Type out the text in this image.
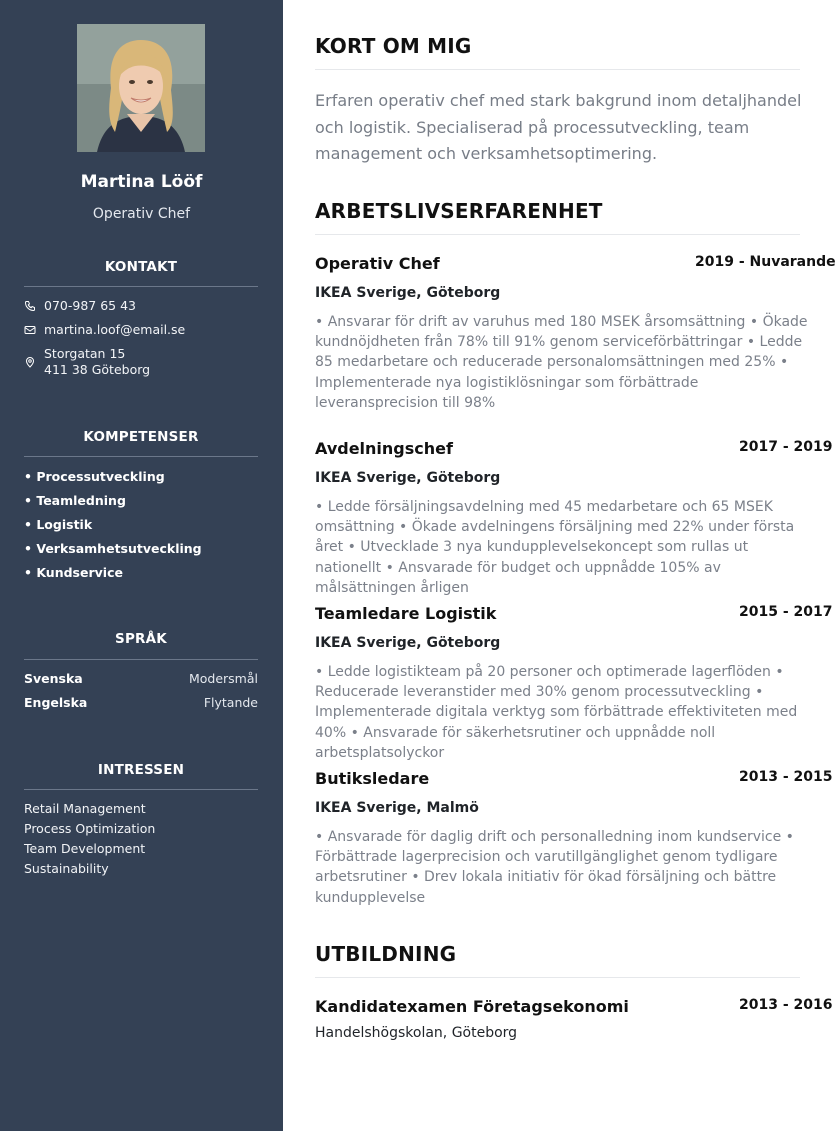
Martina Lööf
Operativ Chef
KONTAKT
070-987 65 43
martina.loof@email.se
Storgatan 15
411 38 Göteborg
KOMPETENSER
• Processutveckling
• Teamledning
• Logistik
• Verksamhetsutveckling
• Kundservice
SPRÅK
Svenska	Modersmål
Engelska	Flytande
INTRESSEN
Retail Management
Process Optimization
Team Development
Sustainability
KORT OM MIG
Erfaren operativ chef med stark bakgrund inom detaljhandel och logistik. Specialiserad på processutveckling, team management och verksamhetsoptimering.
ARBETSLIVSERFARENHET
Operativ Chef	2019 - Nuvarande
IKEA Sverige, Göteborg
• Ansvarar för drift av varuhus med 180 MSEK årsomsättning • Ökade kundnöjdheten från 78% till 91% genom serviceförbättringar • Ledde 85 medarbetare och reducerade personalomsättningen med 25% • Implementerade nya logistiklösningar som förbättrade leveransprecision till 98%
Avdelningschef	2017 - 2019
IKEA Sverige, Göteborg
• Ledde försäljningsavdelning med 45 medarbetare och 65 MSEK omsättning • Ökade avdelningens försäljning med 22% under första året • Utvecklade 3 nya kundupplevelsekoncept som rullas ut nationellt • Ansvarade för budget och uppnådde 105% av målsättningen årligen
Teamledare Logistik	2015 - 2017
IKEA Sverige, Göteborg
• Ledde logistikteam på 20 personer och optimerade lagerflöden • Reducerade leveranstider med 30% genom processutveckling • Implementerade digitala verktyg som förbättrade effektiviteten med 40% • Ansvarade för säkerhetsrutiner och uppnådde noll arbetsplatsolyckor
Butiksledare	2013 - 2015
IKEA Sverige, Malmö
• Ansvarade för daglig drift och personalledning inom kundservice • Förbättrade lagerprecision och varutillgänglighet genom tydligare arbetsrutiner • Drev lokala initiativ för ökad försäljning och bättre kundupplevelse
UTBILDNING
Kandidatexamen Företagsekonomi	2013 - 2016
Handelshögskolan, Göteborg
